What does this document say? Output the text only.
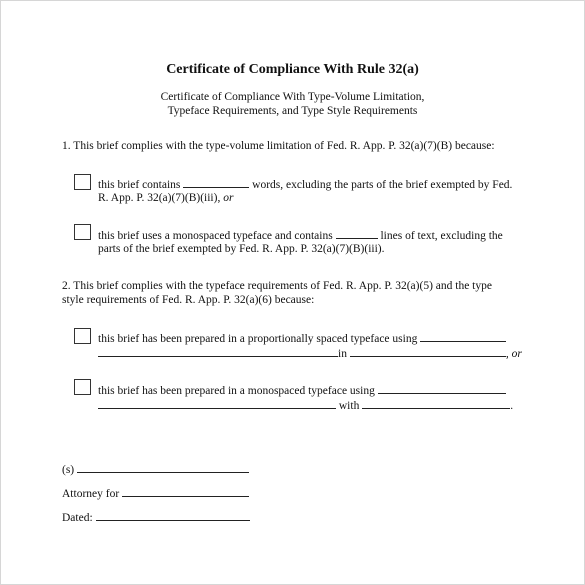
Certificate of Compliance With Rule 32(a)
Certificate of Compliance With Type-Volume Limitation,
Typeface Requirements, and Type Style Requirements
1. This brief complies with the type-volume limitation of Fed. R. App. P. 32(a)(7)(B) because:
this brief contains	words, excluding the parts of the brief exempted by Fed.
R. App. P. 32(a)(7)(B)(iii), or
this brief uses a monospaced typeface and contains	lines of text, excluding the
parts of the brief exempted by Fed. R. App. P. 32(a)(7)(B)(iii).
2. This brief complies with the typeface requirements of Fed. R. App. P. 32(a)(5) and the type
style requirements of Fed. R. App. P. 32(a)(6) because:
this brief has been prepared in a proportionally spaced typeface using
in	, or
this brief has been prepared in a monospaced typeface using
with	.
(s)
Attorney for
Dated:
